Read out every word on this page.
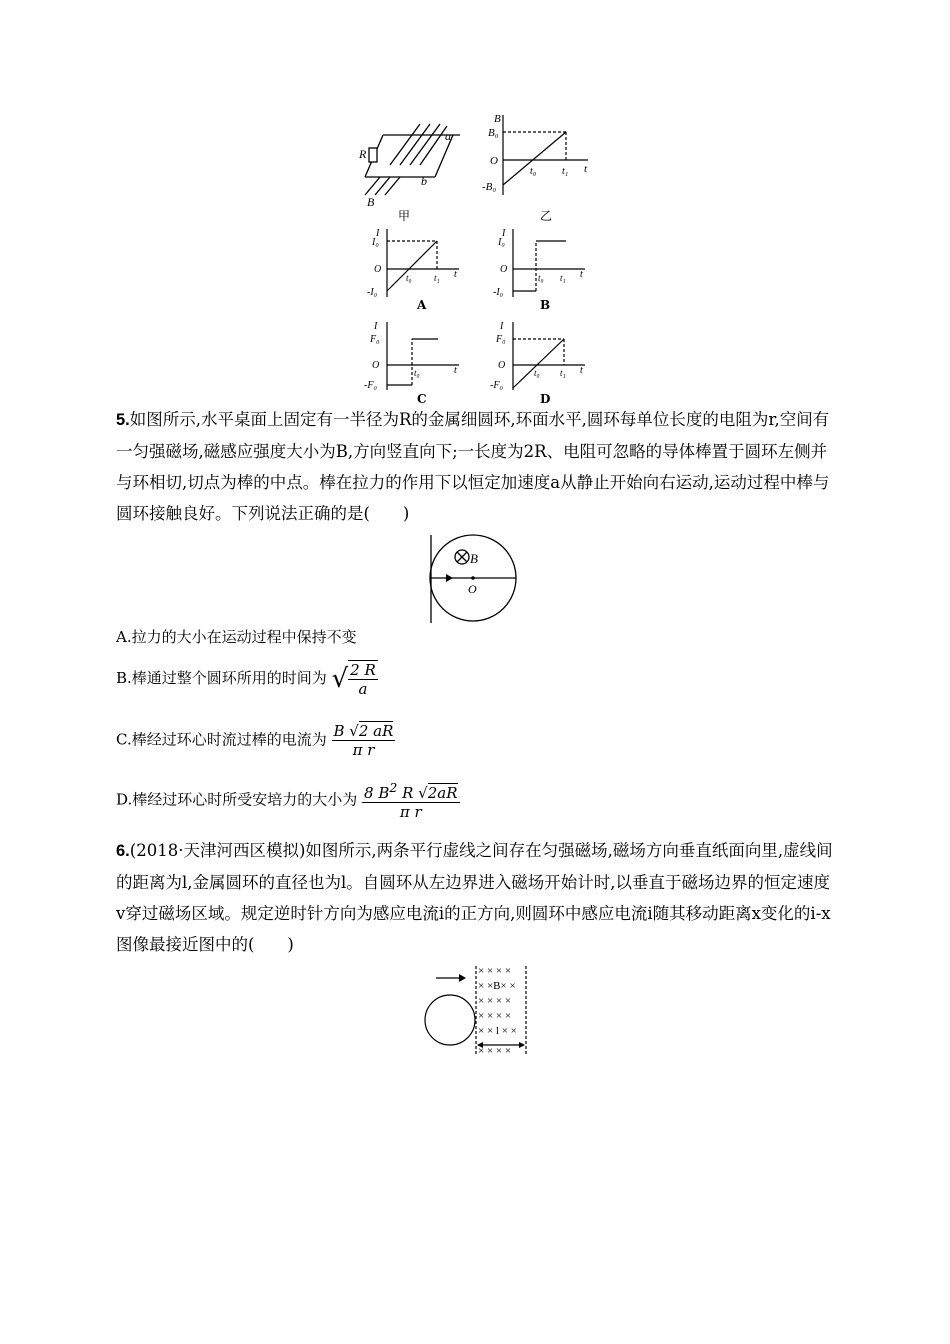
a
b
R
B
甲
B
B₀
O
-B₀
t₀	t₁ t
乙
I
I₀
O
-I₀
t₀ t₁ t
A
I
I₀
O
-I₀
t₀ t₁ t
B
I
F₀
O
-F₀
t₀	t
C
I
F₀
O
-F₀
t₀ t₁ t
D
5.如图所示,水平桌面上固定有一半径为R的金属细圆环,环面水平,圆环每单位长度的电阻为r,空间有一匀强磁场,磁感应强度大小为B,方向竖直向下;一长度为2R、电阻可忽略的导体棒置于圆环左侧并与环相切,切点为棒的中点。棒在拉力的作用下以恒定加速度a从静止开始向右运动,运动过程中棒与圆环接触良好。下列说法正确的是(　　)
B
O
A.拉力的大小在运动过程中保持不变
B.棒通过整个圆环所用的时间为 √ $\frac{2 R}{a}$
C.棒经过环心时流过棒的电流为 $\frac{B √2 aR}{\text{π r}}$
D.棒经过环心时所受安培力的大小为 $\frac{8 B^2 R √2aR}{\text{π r}}$
6.(2018·天津河西区模拟)如图所示,两条平行虚线之间存在匀强磁场,磁场方向垂直纸面向里,虚线间的距离为l,金属圆环的直径也为l。自圆环从左边界进入磁场开始计时,以垂直于磁场边界的恒定速度v穿过磁场区域。规定逆时针方向为感应电流i的正方向,则圆环中感应电流i随其移动距离x变化的i-x图像最接近图中的(　　)
× × × ×
× ×B× ×
× × × ×
× × × ×
× × l × ×
× × × ×
